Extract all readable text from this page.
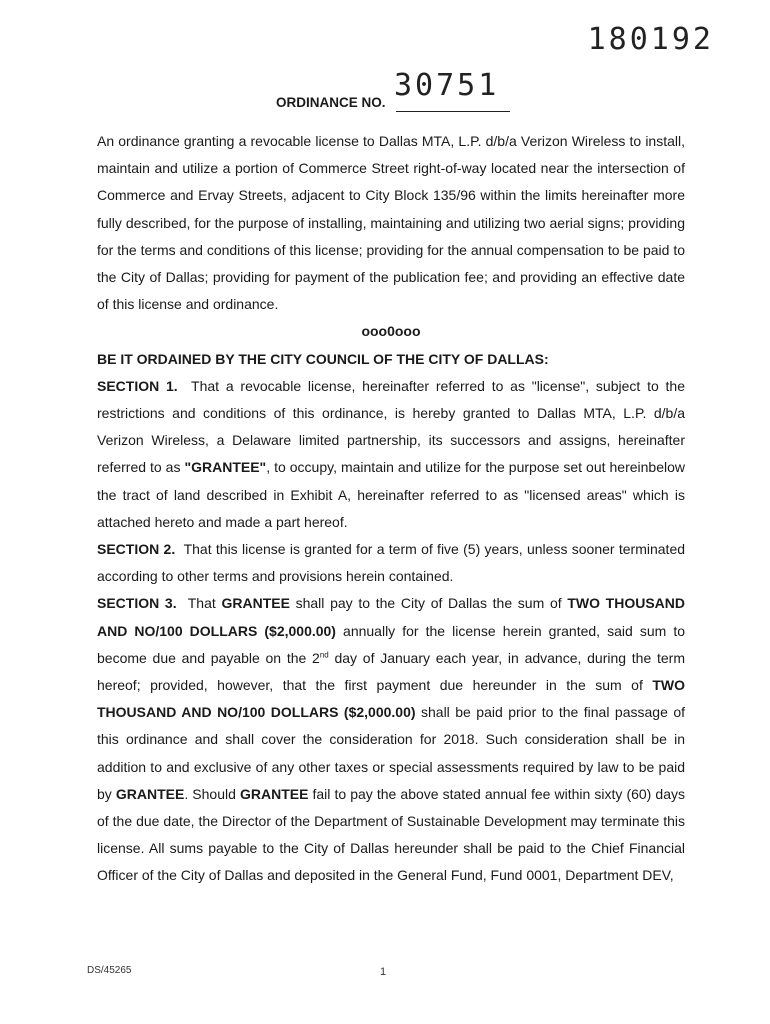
180192
ORDINANCE NO. 30751

An ordinance granting a revocable license to Dallas MTA, L.P. d/b/a Verizon Wireless to install, maintain and utilize a portion of Commerce Street right-of-way located near the intersection of Commerce and Ervay Streets, adjacent to City Block 135/96 within the limits hereinafter more fully described, for the purpose of installing, maintaining and utilizing two aerial signs; providing for the terms and conditions of this license; providing for the annual compensation to be paid to the City of Dallas; providing for payment of the publication fee; and providing an effective date of this license and ordinance.

ooo0ooo

BE IT ORDAINED BY THE CITY COUNCIL OF THE CITY OF DALLAS:

SECTION 1. That a revocable license, hereinafter referred to as "license", subject to the restrictions and conditions of this ordinance, is hereby granted to Dallas MTA, L.P. d/b/a Verizon Wireless, a Delaware limited partnership, its successors and assigns, hereinafter referred to as "GRANTEE", to occupy, maintain and utilize for the purpose set out hereinbelow the tract of land described in Exhibit A, hereinafter referred to as "licensed areas" which is attached hereto and made a part hereof.

SECTION 2. That this license is granted for a term of five (5) years, unless sooner terminated according to other terms and provisions herein contained.

SECTION 3. That GRANTEE shall pay to the City of Dallas the sum of TWO THOUSAND AND NO/100 DOLLARS ($2,000.00) annually for the license herein granted, said sum to become due and payable on the 2nd day of January each year, in advance, during the term hereof; provided, however, that the first payment due hereunder in the sum of TWO THOUSAND AND NO/100 DOLLARS ($2,000.00) shall be paid prior to the final passage of this ordinance and shall cover the consideration for 2018. Such consideration shall be in addition to and exclusive of any other taxes or special assessments required by law to be paid by GRANTEE. Should GRANTEE fail to pay the above stated annual fee within sixty (60) days of the due date, the Director of the Department of Sustainable Development may terminate this license. All sums payable to the City of Dallas hereunder shall be paid to the Chief Financial Officer of the City of Dallas and deposited in the General Fund, Fund 0001, Department DEV,

DS/45265	1
